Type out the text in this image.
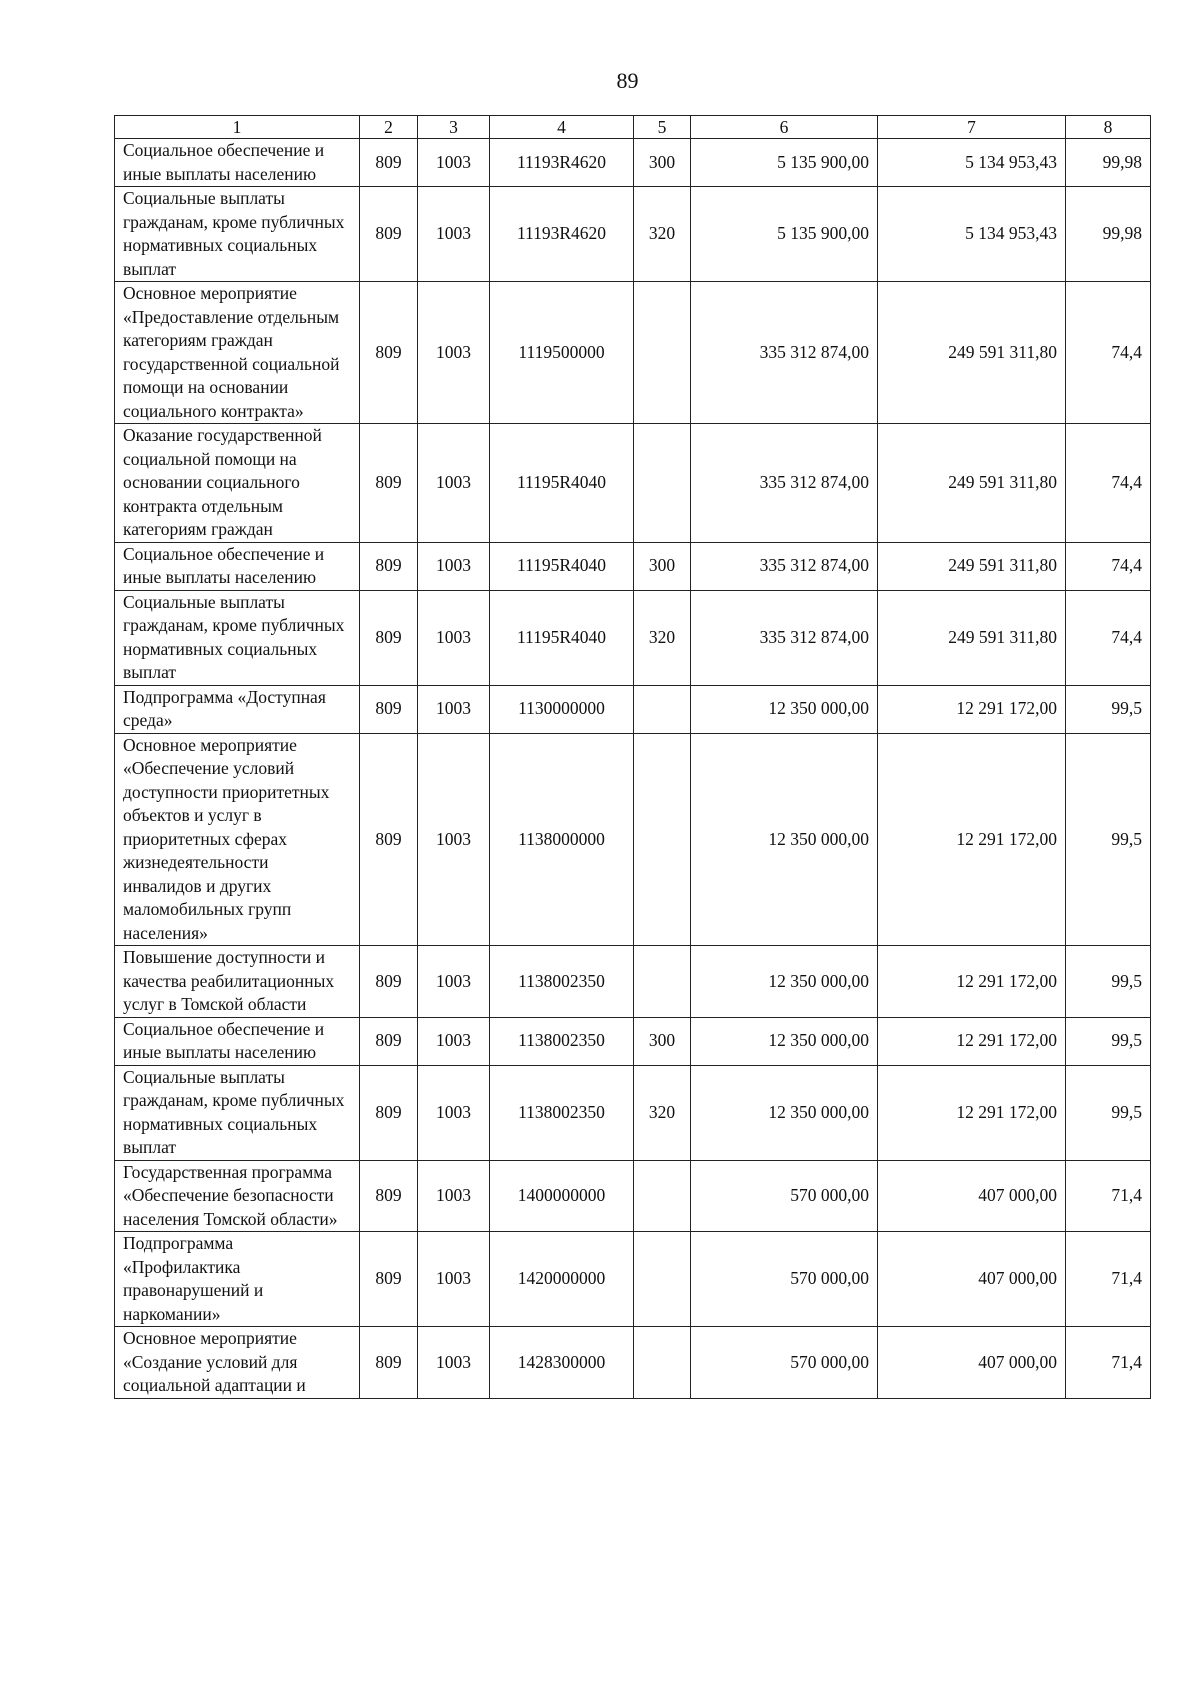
89
1	2	3	4	5	6	7	8
Социальное обеспечение и иные выплаты населению	809	1003	11193R4620	300	5 135 900,00	5 134 953,43	99,98
Социальные выплаты гражданам, кроме публичных нормативных социальных выплат	809	1003	11193R4620	320	5 135 900,00	5 134 953,43	99,98
Основное мероприятие «Предоставление отдельным категориям граждан государственной социальной помощи на основании социального контракта»	809	1003	1119500000		335 312 874,00	249 591 311,80	74,4
Оказание государственной социальной помощи на основании социального контракта отдельным категориям граждан	809	1003	11195R4040		335 312 874,00	249 591 311,80	74,4
Социальное обеспечение и иные выплаты населению	809	1003	11195R4040	300	335 312 874,00	249 591 311,80	74,4
Социальные выплаты гражданам, кроме публичных нормативных социальных выплат	809	1003	11195R4040	320	335 312 874,00	249 591 311,80	74,4
Подпрограмма «Доступная среда»	809	1003	1130000000		12 350 000,00	12 291 172,00	99,5
Основное мероприятие «Обеспечение условий доступности приоритетных объектов и услуг в приоритетных сферах жизнедеятельности инвалидов и других маломобильных групп населения»	809	1003	1138000000		12 350 000,00	12 291 172,00	99,5
Повышение доступности и качества реабилитационных услуг в Томской области	809	1003	1138002350		12 350 000,00	12 291 172,00	99,5
Социальное обеспечение и иные выплаты населению	809	1003	1138002350	300	12 350 000,00	12 291 172,00	99,5
Социальные выплаты гражданам, кроме публичных нормативных социальных выплат	809	1003	1138002350	320	12 350 000,00	12 291 172,00	99,5
Государственная программа «Обеспечение безопасности населения Томской области»	809	1003	1400000000		570 000,00	407 000,00	71,4
Подпрограмма «Профилактика правонарушений и наркомании»	809	1003	1420000000		570 000,00	407 000,00	71,4
Основное мероприятие «Создание условий для социальной адаптации и	809	1003	1428300000		570 000,00	407 000,00	71,4
